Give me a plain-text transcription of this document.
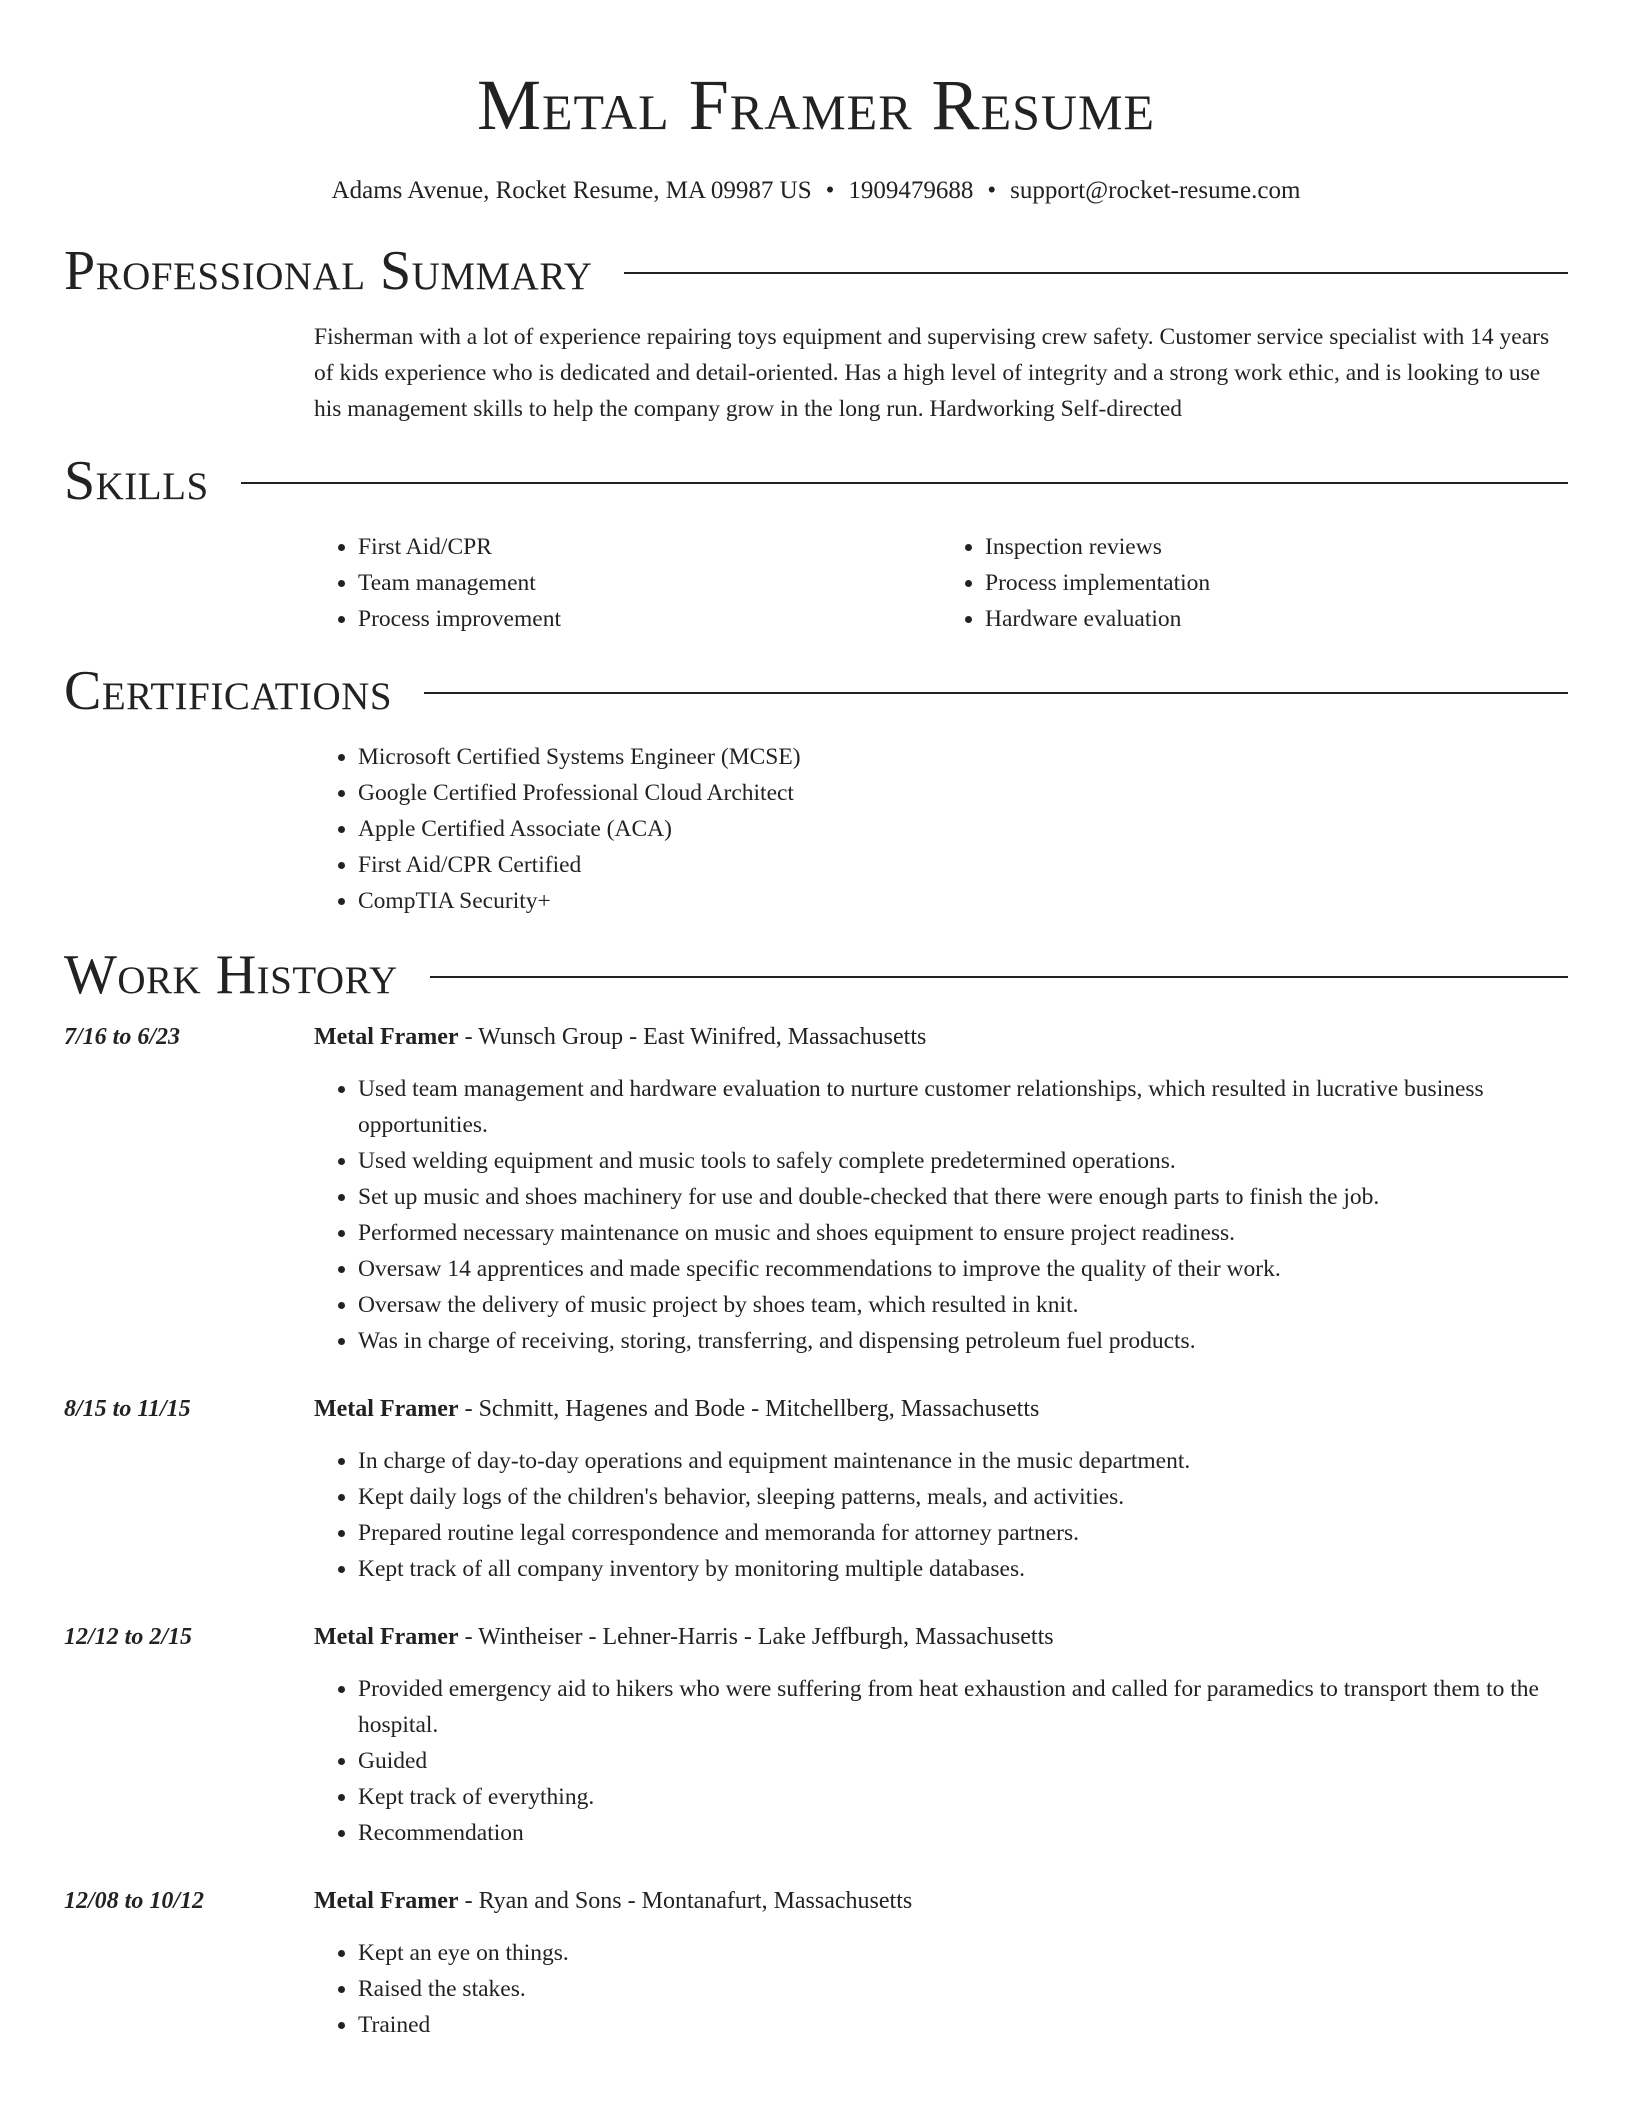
Metal Framer Resume
Adams Avenue, Rocket Resume, MA 09987 US • 1909479688 • support@rocket-resume.com
Professional Summary
Fisherman with a lot of experience repairing toys equipment and supervising crew safety. Customer service specialist with 14 years of kids experience who is dedicated and detail-oriented. Has a high level of integrity and a strong work ethic, and is looking to use his management skills to help the company grow in the long run. Hardworking Self-directed
Skills
• First Aid/CPR
• Team management
• Process improvement
• Inspection reviews
• Process implementation
• Hardware evaluation
Certifications
• Microsoft Certified Systems Engineer (MCSE)
• Google Certified Professional Cloud Architect
• Apple Certified Associate (ACA)
• First Aid/CPR Certified
• CompTIA Security+
Work History
7/16 to 6/23	Metal Framer - Wunsch Group - East Winifred, Massachusetts
• Used team management and hardware evaluation to nurture customer relationships, which resulted in lucrative business opportunities.
• Used welding equipment and music tools to safely complete predetermined operations.
• Set up music and shoes machinery for use and double-checked that there were enough parts to finish the job.
• Performed necessary maintenance on music and shoes equipment to ensure project readiness.
• Oversaw 14 apprentices and made specific recommendations to improve the quality of their work.
• Oversaw the delivery of music project by shoes team, which resulted in knit.
• Was in charge of receiving, storing, transferring, and dispensing petroleum fuel products.
8/15 to 11/15	Metal Framer - Schmitt, Hagenes and Bode - Mitchellberg, Massachusetts
• In charge of day-to-day operations and equipment maintenance in the music department.
• Kept daily logs of the children's behavior, sleeping patterns, meals, and activities.
• Prepared routine legal correspondence and memoranda for attorney partners.
• Kept track of all company inventory by monitoring multiple databases.
12/12 to 2/15	Metal Framer - Wintheiser - Lehner-Harris - Lake Jeffburgh, Massachusetts
• Provided emergency aid to hikers who were suffering from heat exhaustion and called for paramedics to transport them to the hospital.
• Guided
• Kept track of everything.
• Recommendation
12/08 to 10/12	Metal Framer - Ryan and Sons - Montanafurt, Massachusetts
• Kept an eye on things.
• Raised the stakes.
• Trained
